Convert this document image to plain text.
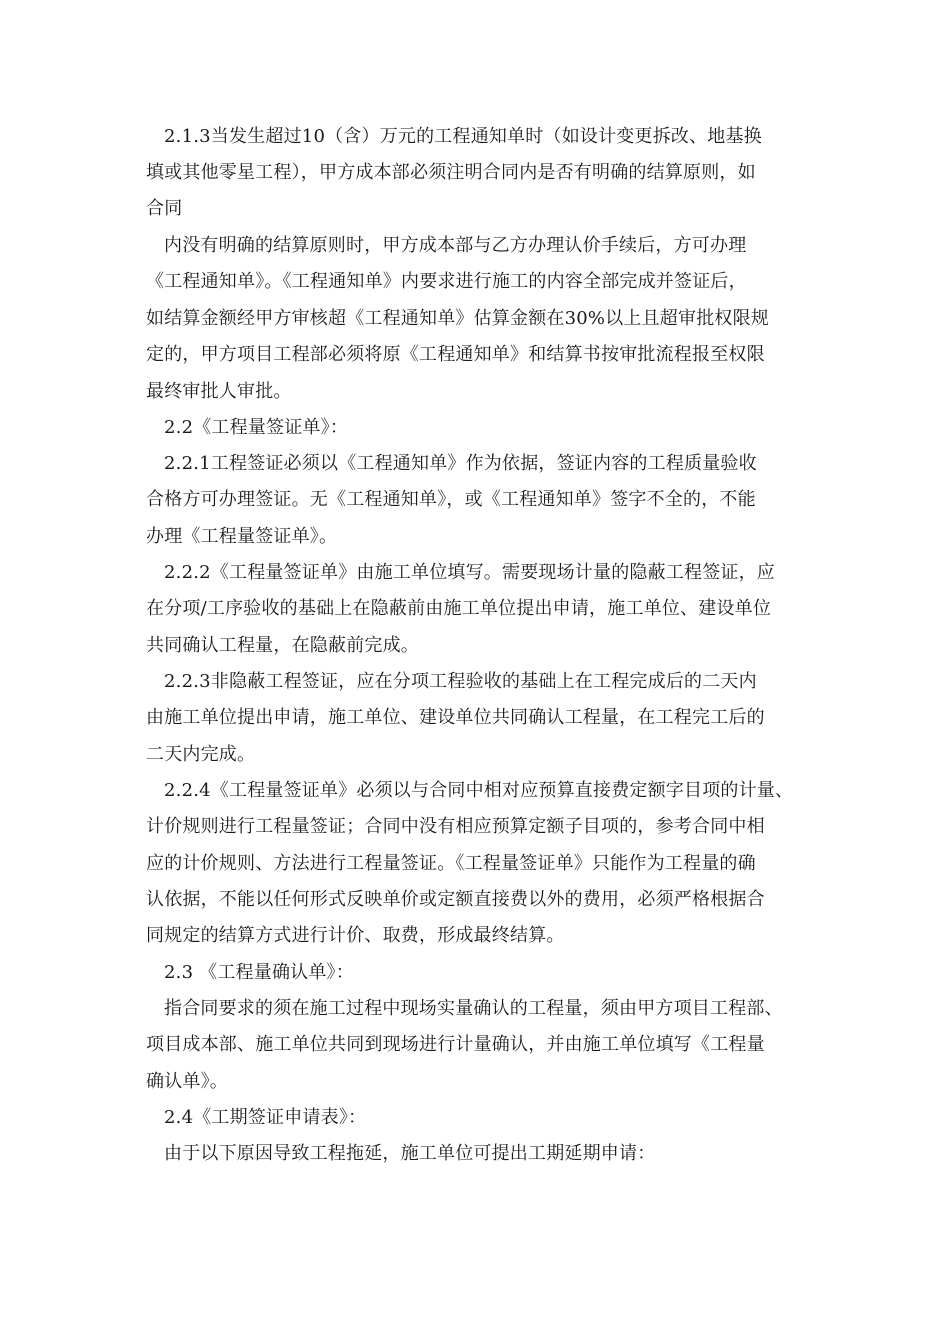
2.1.3当发生超过10（含）万元的工程通知单时（如设计变更拆改、地基换
填或其他零星工程），甲方成本部必须注明合同内是否有明确的结算原则，如
合同
内没有明确的结算原则时，甲方成本部与乙方办理认价手续后，方可办理
《工程通知单》。《工程通知单》内要求进行施工的内容全部完成并签证后，
如结算金额经甲方审核超《工程通知单》估算金额在30%以上且超审批权限规
定的，甲方项目工程部必须将原《工程通知单》和结算书按审批流程报至权限
最终审批人审批。
2.2《工程量签证单》：
2.2.1工程签证必须以《工程通知单》作为依据，签证内容的工程质量验收
合格方可办理签证。无《工程通知单》，或《工程通知单》签字不全的，不能
办理《工程量签证单》。
2.2.2《工程量签证单》由施工单位填写。需要现场计量的隐蔽工程签证，应
在分项/工序验收的基础上在隐蔽前由施工单位提出申请，施工单位、建设单位
共同确认工程量，在隐蔽前完成。
2.2.3非隐蔽工程签证，应在分项工程验收的基础上在工程完成后的二天内
由施工单位提出申请，施工单位、建设单位共同确认工程量，在工程完工后的
二天内完成。
2.2.4《工程量签证单》必须以与合同中相对应预算直接费定额字目项的计量、
计价规则进行工程量签证；合同中没有相应预算定额子目项的，参考合同中相
应的计价规则、方法进行工程量签证。《工程量签证单》只能作为工程量的确
认依据，不能以任何形式反映单价或定额直接费以外的费用，必须严格根据合
同规定的结算方式进行计价、取费，形成最终结算。
2.3 《工程量确认单》：
指合同要求的须在施工过程中现场实量确认的工程量，须由甲方项目工程部、
项目成本部、施工单位共同到现场进行计量确认，并由施工单位填写《工程量
确认单》。
2.4《工期签证申请表》：
由于以下原因导致工程拖延，施工单位可提出工期延期申请：
